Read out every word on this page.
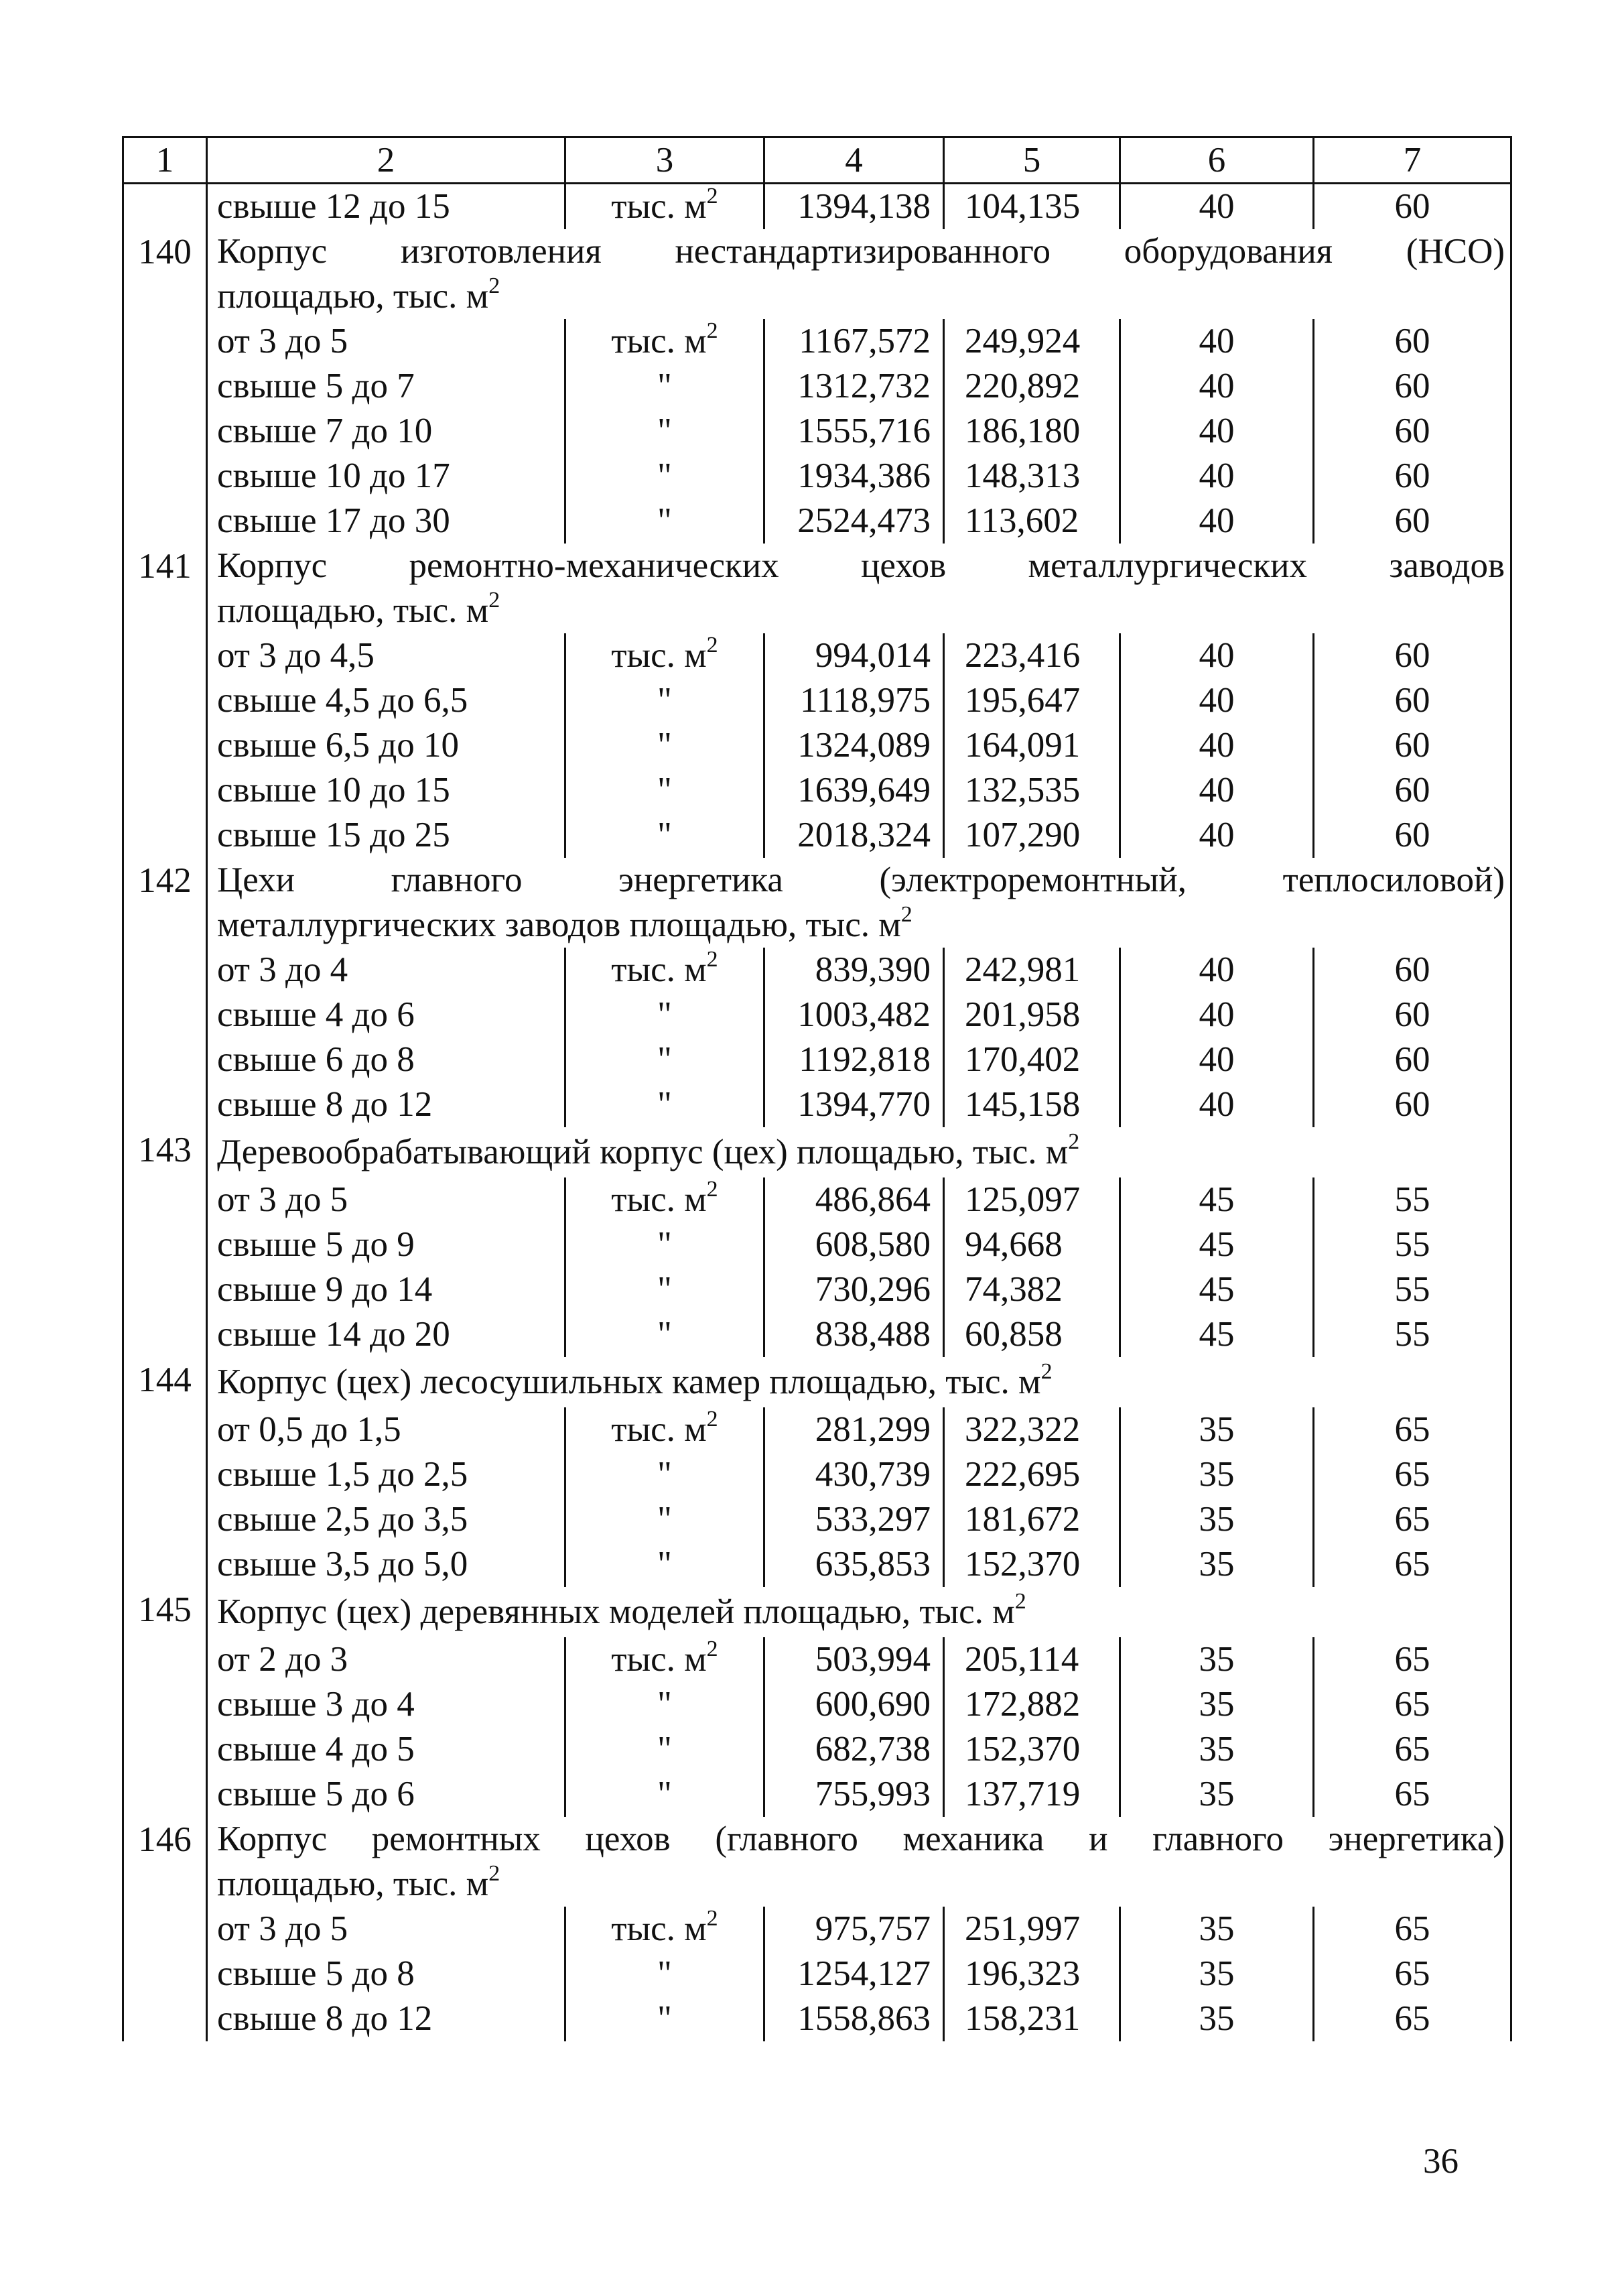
1	2	3	4	5	6	7
	свыше 12 до 15	тыс. $м^2$	1394,138	104,135	40	60
140	Корпус изготовления нестандартизированного оборудования (НСО)					
	площадью, тыс. $м^2$
	от 3 до 5	тыс. $м^2$	1167,572	249,924	40	60
	свыше 5 до 7	"	1312,732	220,892	40	60
	свыше 7 до 10	"	1555,716	186,180	40	60
	свыше 10 до 17	"	1934,386	148,313	40	60
	свыше 17 до 30	"	2524,473	113,602	40	60
141	Корпус ремонтно-механических цехов металлургических заводов					
	площадью, тыс. $м^2$
	от 3 до 4,5	тыс. $м^2$	994,014	223,416	40	60
	свыше 4,5 до 6,5	"	1118,975	195,647	40	60
	свыше 6,5 до 10	"	1324,089	164,091	40	60
	свыше 10 до 15	"	1639,649	132,535	40	60
	свыше 15 до 25	"	2018,324	107,290	40	60
142	Цехи главного энергетика (электроремонтный, теплосиловой)					
	металлургических заводов площадью, тыс. $м^2$
	от 3 до 4	тыс. $м^2$	839,390	242,981	40	60
	свыше 4 до 6	"	1003,482	201,958	40	60
	свыше 6 до 8	"	1192,818	170,402	40	60
	свыше 8 до 12	"	1394,770	145,158	40	60
143	Деревообрабатывающий корпус (цех) площадью, тыс. $м^2$
	от 3 до 5	тыс. $м^2$	486,864	125,097	45	55
	свыше 5 до 9	"	608,580	94,668	45	55
	свыше 9 до 14	"	730,296	74,382	45	55
	свыше 14 до 20	"	838,488	60,858	45	55
144	Корпус (цех) лесосушильных камер площадью, тыс. $м^2$
	от 0,5 до 1,5	тыс. $м^2$	281,299	322,322	35	65
	свыше 1,5 до 2,5	"	430,739	222,695	35	65
	свыше 2,5 до 3,5	"	533,297	181,672	35	65
	свыше 3,5 до 5,0	"	635,853	152,370	35	65
145	Корпус (цех) деревянных моделей площадью, тыс. $м^2$
	от 2 до 3	тыс. $м^2$	503,994	205,114	35	65
	свыше 3 до 4	"	600,690	172,882	35	65
	свыше 4 до 5	"	682,738	152,370	35	65
	свыше 5 до 6	"	755,993	137,719	35	65
146	Корпус ремонтных цехов (главного механика и главного энергетика)					
	площадью, тыс. $м^2$
	от 3 до 5	тыс. $м^2$	975,757	251,997	35	65
	свыше 5 до 8	"	1254,127	196,323	35	65
	свыше 8 до 12	"	1558,863	158,231	35	65
36
